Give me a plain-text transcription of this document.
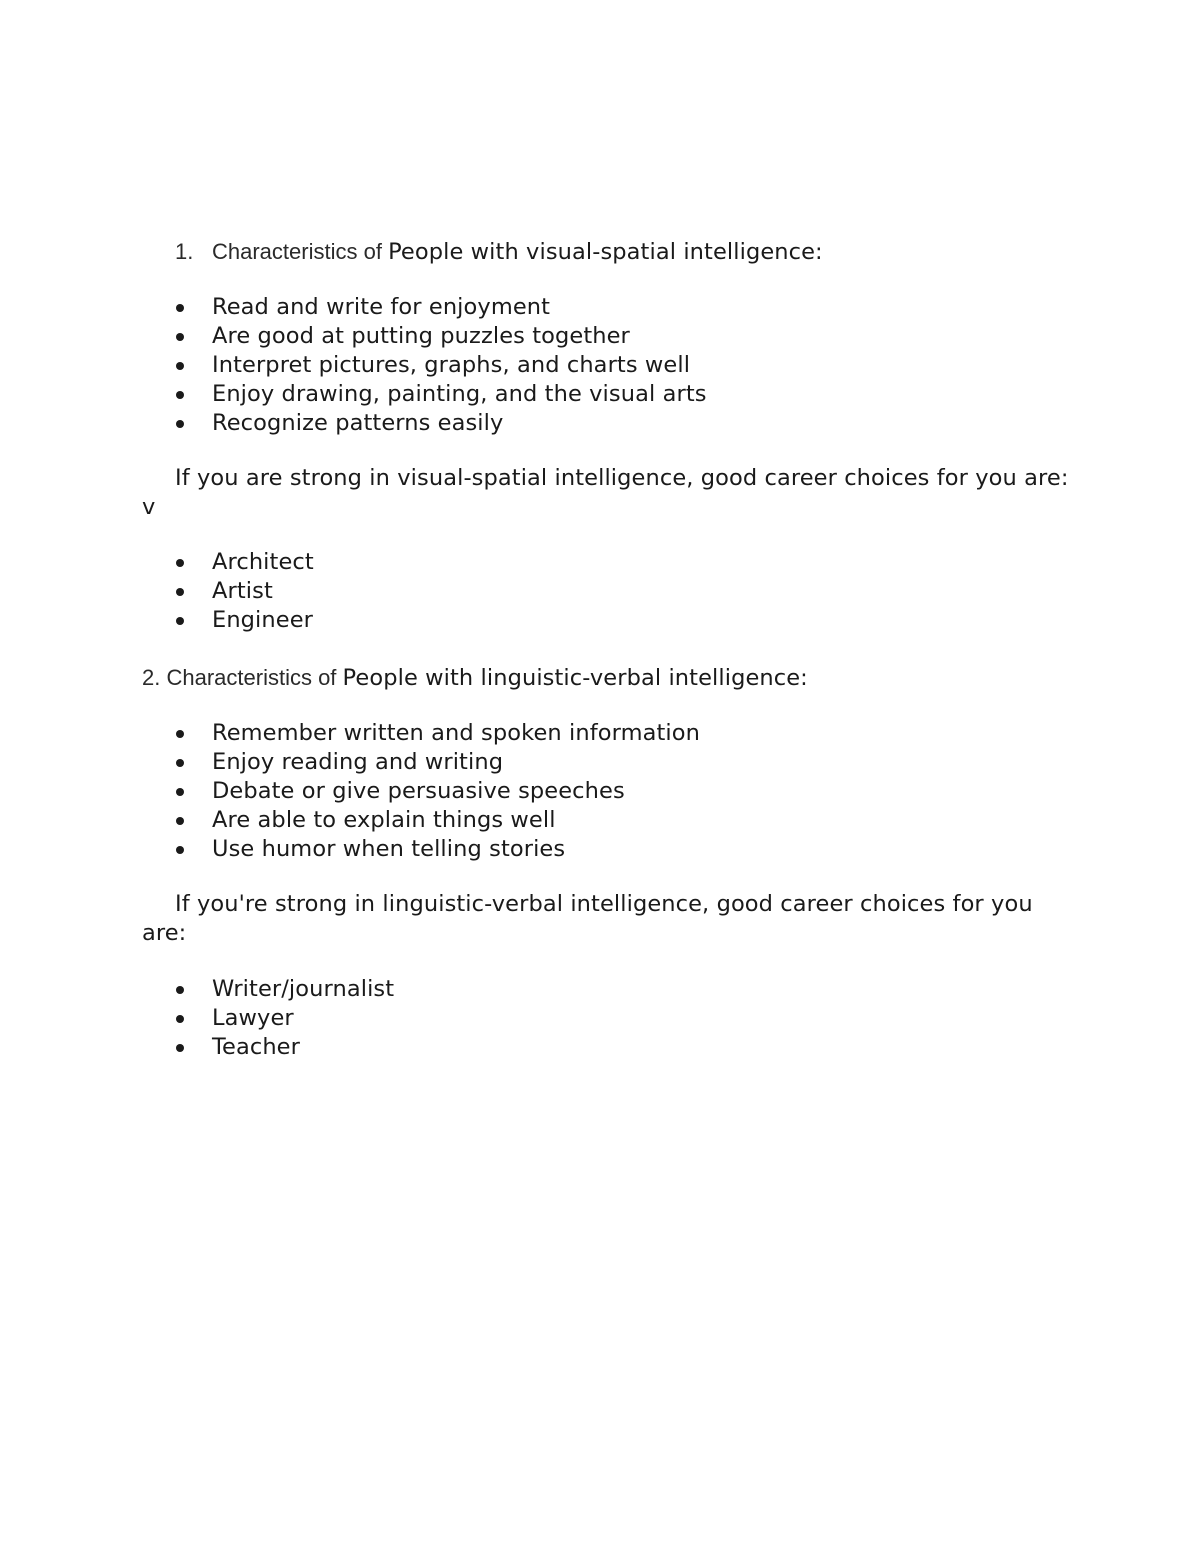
1. Characteristics of People with visual-spatial intelligence:
Read and write for enjoyment
Are good at putting puzzles together
Interpret pictures, graphs, and charts well
Enjoy drawing, painting, and the visual arts
Recognize patterns easily
If you are strong in visual-spatial intelligence, good career choices for you are: v
Architect
Artist
Engineer
2. Characteristics of People with linguistic-verbal intelligence:
Remember written and spoken information
Enjoy reading and writing
Debate or give persuasive speeches
Are able to explain things well
Use humor when telling stories
If you're strong in linguistic-verbal intelligence, good career choices for you are:
Writer/journalist
Lawyer
Teacher
